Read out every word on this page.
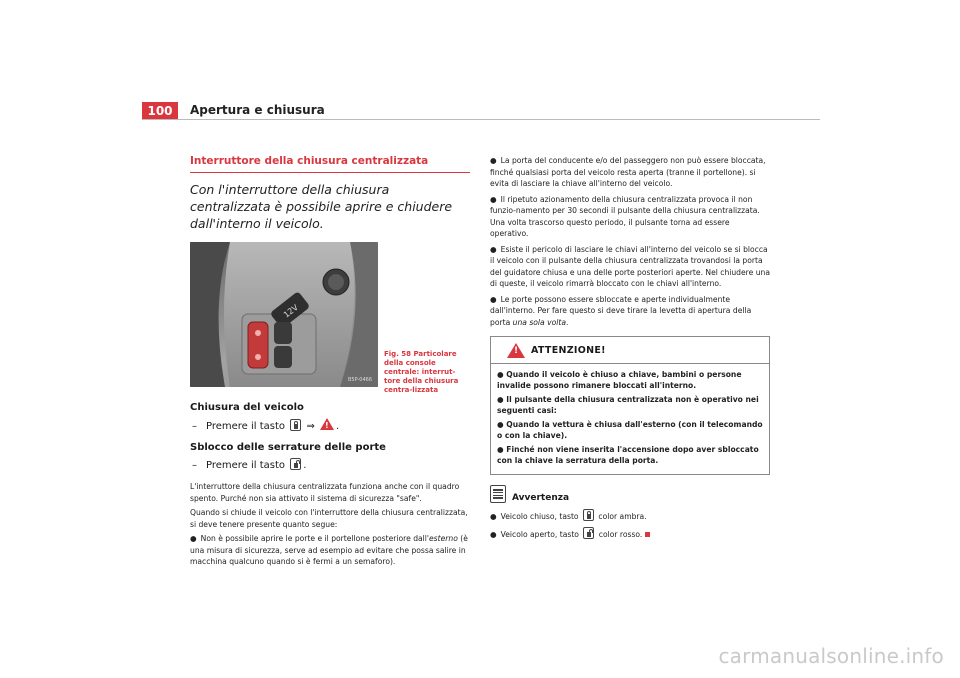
100	Apertura e chiusura
Interruttore della chiusura centralizzata
Con l'interruttore della chiusura centralizzata è possibile aprire e chiudere dall'interno il veicolo.
12V
B5P-0466
Fig. 58 Particolare della console centrale: interrut-tore della chiusura centra-lizzata
Chiusura del veicolo
– Premere il tasto ⇒ ! .
Sblocco delle serrature delle porte
– Premere il tasto .
L'interruttore della chiusura centralizzata funziona anche con il quadro spento. Purché non sia attivato il sistema di sicurezza "safe".
Quando si chiude il veicolo con l'interruttore della chiusura centralizzata, si deve tenere presente quanto segue:
● Non è possibile aprire le porte e il portellone posteriore dall'esterno (è una misura di sicurezza, serve ad esempio ad evitare che possa salire in macchina qualcuno quando si è fermi a un semaforo).
● La porta del conducente e/o del passeggero non può essere bloccata, finché qualsiasi porta del veicolo resta aperta (tranne il portellone). si evita di lasciare la chiave all'interno del veicolo.
● Il ripetuto azionamento della chiusura centralizzata provoca il non funzio-namento per 30 secondi il pulsante della chiusura centralizzata. Una volta trascorso questo periodo, il pulsante torna ad essere operativo.
● Esiste il pericolo di lasciare le chiavi all'interno del veicolo se si blocca il veicolo con il pulsante della chiusura centralizzata trovandosi la porta del guidatore chiusa e una delle porte posteriori aperte. Nel chiudere una di queste, il veicolo rimarrà bloccato con le chiavi all'interno.
● Le porte possono essere sbloccate e aperte individualmente dall'interno. Per fare questo si deve tirare la levetta di apertura della porta una sola volta.
!
ATTENZIONE!
● Quando il veicolo è chiuso a chiave, bambini o persone invalide possono rimanere bloccati all'interno.
● Il pulsante della chiusura centralizzata non è operativo nei seguenti casi:
● Quando la vettura è chiusa dall'esterno (con il telecomando o con la chiave).
● Finché non viene inserita l'accensione dopo aver sbloccato con la chiave la serratura della porta.
Avvertenza
● Veicolo chiuso, tasto	color ambra.
● Veicolo aperto, tasto	color rosso.
carmanualsonline.info
